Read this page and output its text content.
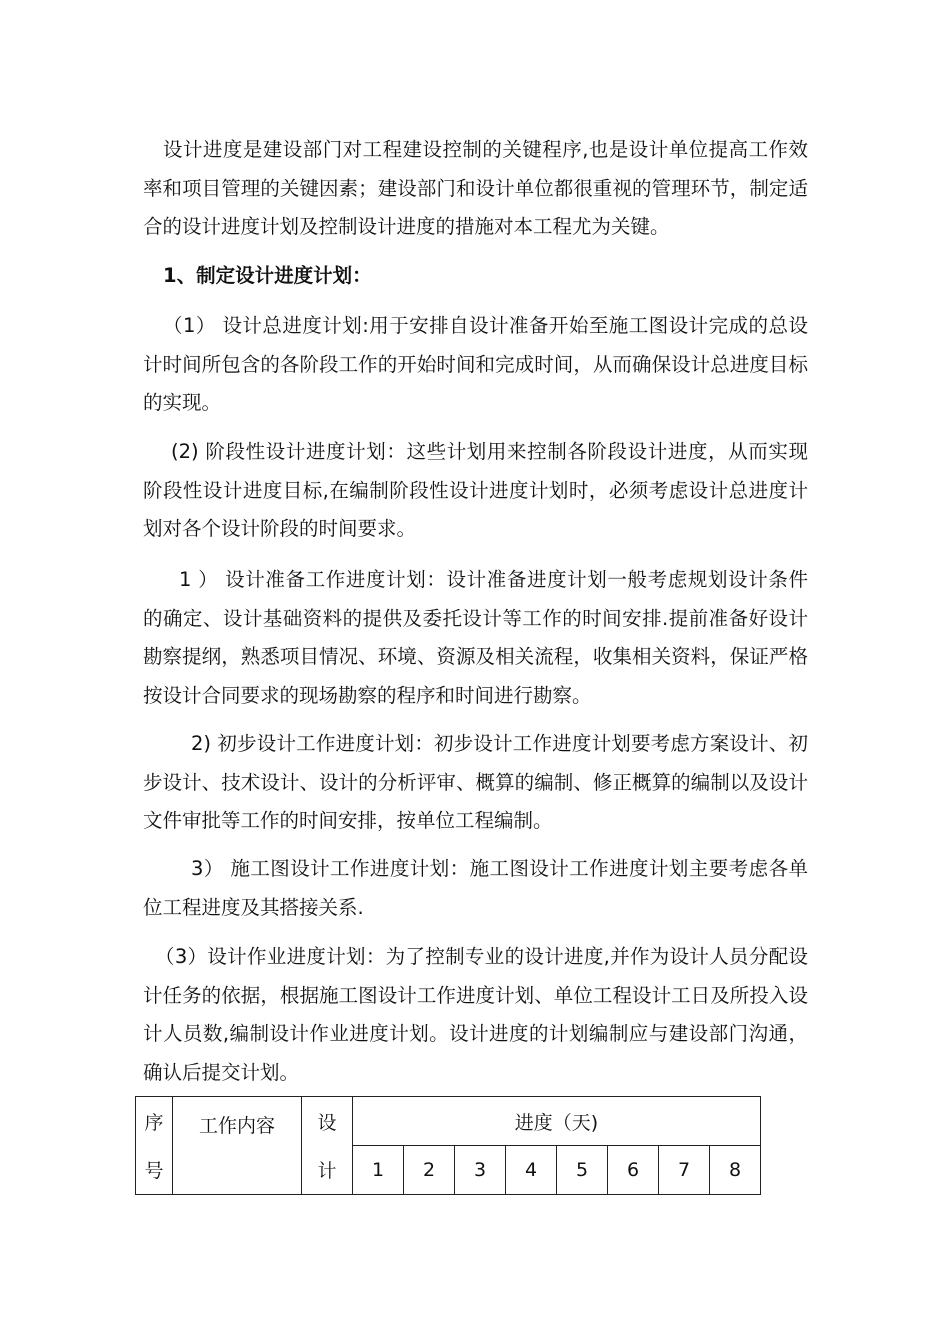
设计进度是建设部门对工程建设控制的关键程序,也是设计单位提高工作效率和项目管理的关键因素；建设部门和设计单位都很重视的管理环节，制定适合的设计进度计划及控制设计进度的措施对本工程尤为关键。

1、制定设计进度计划：

（1） 设计总进度计划:用于安排自设计准备开始至施工图设计完成的总设计时间所包含的各阶段工作的开始时间和完成时间，从而确保设计总进度目标的实现。

(2) 阶段性设计进度计划：这些计划用来控制各阶段设计进度，从而实现阶段性设计进度目标,在编制阶段性设计进度计划时，必须考虑设计总进度计划对各个设计阶段的时间要求。

1 ） 设计准备工作进度计划：设计准备进度计划一般考虑规划设计条件的确定、设计基础资料的提供及委托设计等工作的时间安排.提前准备好设计勘察提纲，熟悉项目情况、环境、资源及相关流程，收集相关资料，保证严格按设计合同要求的现场勘察的程序和时间进行勘察。

2) 初步设计工作进度计划：初步设计工作进度计划要考虑方案设计、初步设计、技术设计、设计的分析评审、概算的编制、修正概算的编制以及设计文件审批等工作的时间安排，按单位工程编制。

3） 施工图设计工作进度计划：施工图设计工作进度计划主要考虑各单位工程进度及其搭接关系.

（3）设计作业进度计划：为了控制专业的设计进度,并作为设计人员分配设计任务的依据，根据施工图设计工作进度计划、单位工程设计工日及所投入设计人员数,编制设计作业进度计划。设计进度的计划编制应与建设部门沟通，确认后提交计划。

序	工作内容	设	进度（天)							
号		计	1	2	3	4	5	6	7	8
